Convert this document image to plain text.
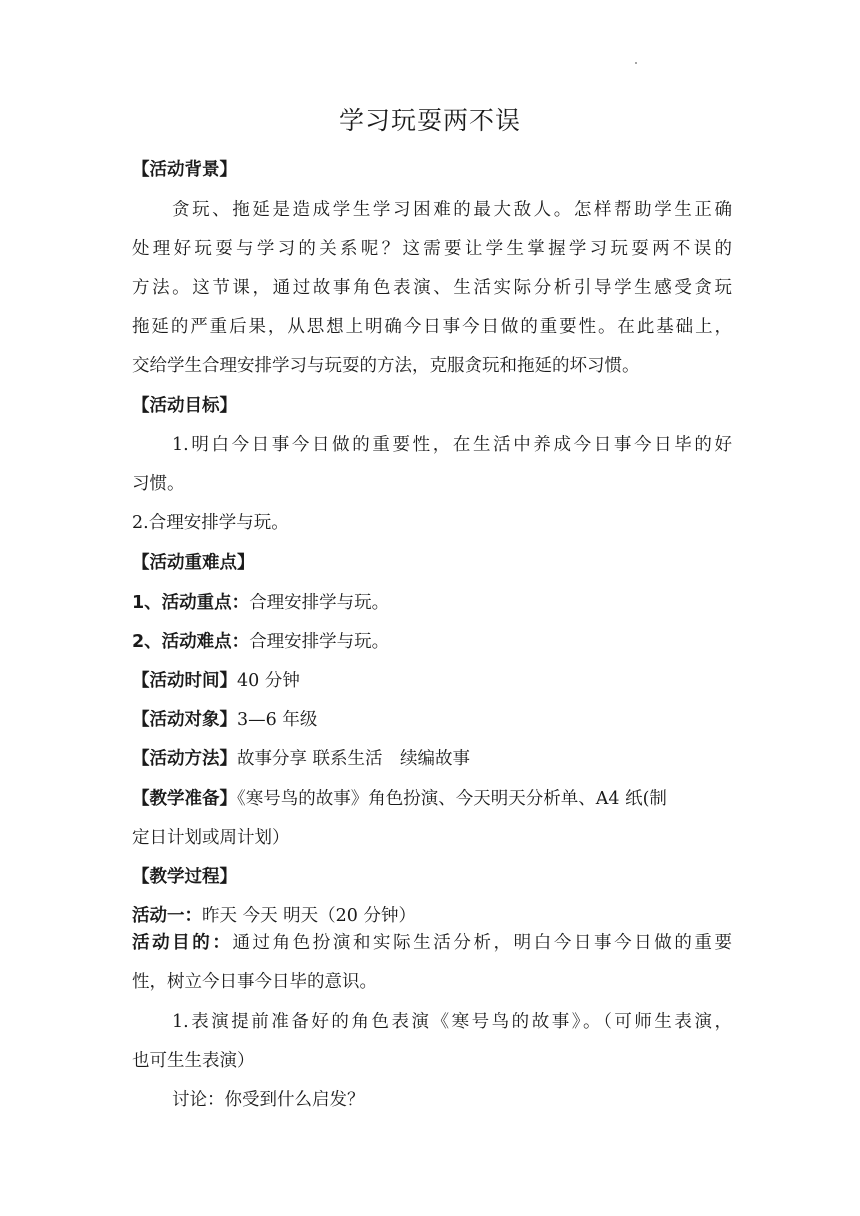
学习玩耍两不误
【活动背景】
贪玩、拖延是造成学生学习困难的最大敌人。怎样帮助学生正确
处理好玩耍与学习的关系呢？这需要让学生掌握学习玩耍两不误的
方法。这节课，通过故事角色表演、生活实际分析引导学生感受贪玩
拖延的严重后果，从思想上明确今日事今日做的重要性。在此基础上，
交给学生合理安排学习与玩耍的方法，克服贪玩和拖延的坏习惯。
【活动目标】
1.明白今日事今日做的重要性，在生活中养成今日事今日毕的好
习惯。
2.合理安排学与玩。
【活动重难点】
1、活动重点：合理安排学与玩。
2、活动难点：合理安排学与玩。
【活动时间】40 分钟
【活动对象】3—6 年级
【活动方法】故事分享 联系生活　续编故事
【教学准备】《寒号鸟的故事》角色扮演、今天明天分析单、A4 纸(制
定日计划或周计划）
【教学过程】
活动一：昨天 今天 明天（20 分钟）
活动目的：通过角色扮演和实际生活分析，明白今日事今日做的重要
性，树立今日事今日毕的意识。
1.表演提前准备好的角色表演《寒号鸟的故事》。（可师生表演，
也可生生表演）
讨论：你受到什么启发？
